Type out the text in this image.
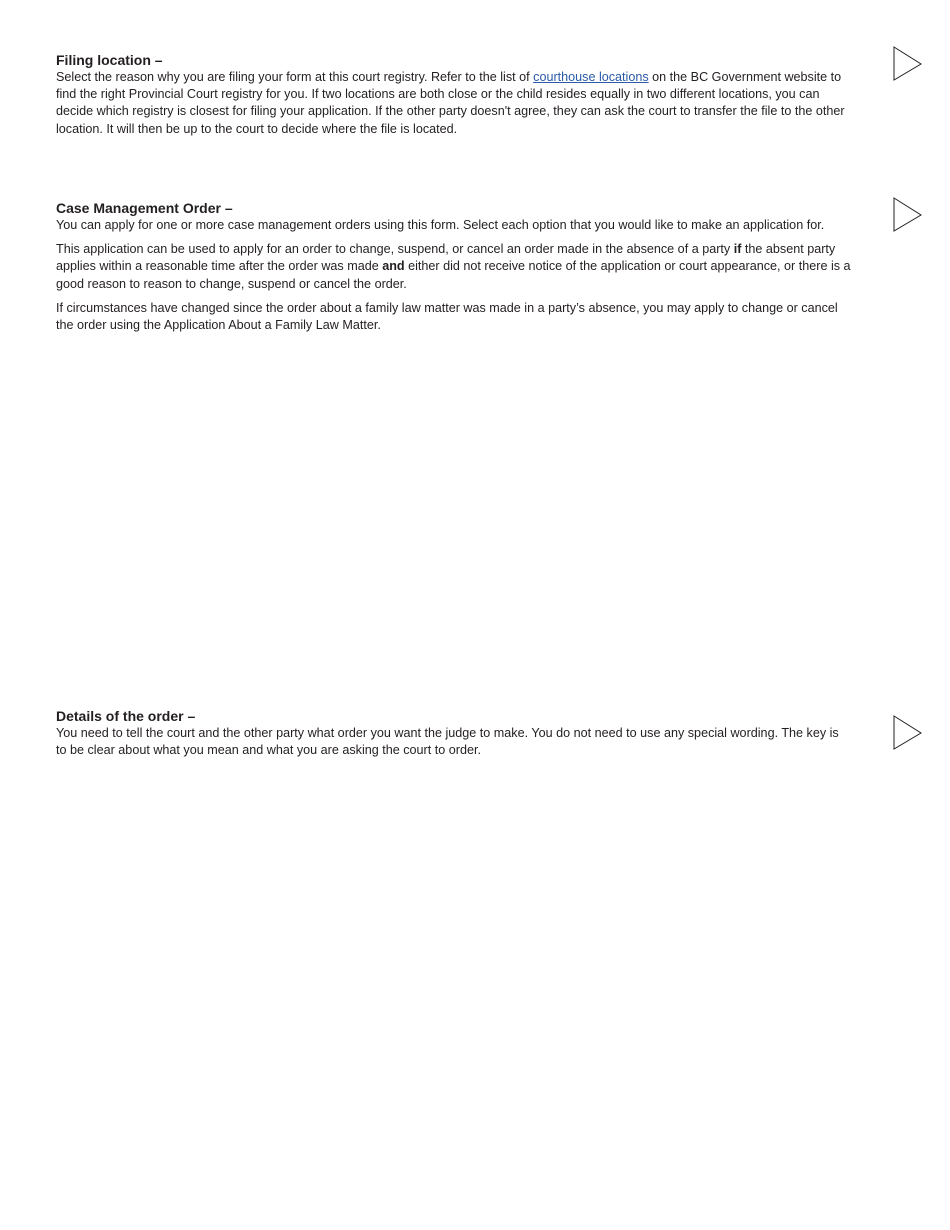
Filing location –

Select the reason why you are filing your form at this court registry. Refer to the list of courthouse locations on the BC Government website to find the right Provincial Court registry for you. If two locations are both close or the child resides equally in two different locations, you can decide which registry is closest for filing your application. If the other party doesn't agree, they can ask the court to transfer the file to the other location. It will then be up to the court to decide where the file is located.

Case Management Order –

You can apply for one or more case management orders using this form. Select each option that you would like to make an application for.

This application can be used to apply for an order to change, suspend, or cancel an order made in the absence of a party if the absent party applies within a reasonable time after the order was made and either did not receive notice of the application or court appearance, or there is a good reason to reason to change, suspend or cancel the order.

If circumstances have changed since the order about a family law matter was made in a party’s absence, you may apply to change or cancel the order using the Application About a Family Law Matter.

Details of the order –

You need to tell the court and the other party what order you want the judge to make. You do not need to use any special wording. The key is to be clear about what you mean and what you are asking the court to order.
